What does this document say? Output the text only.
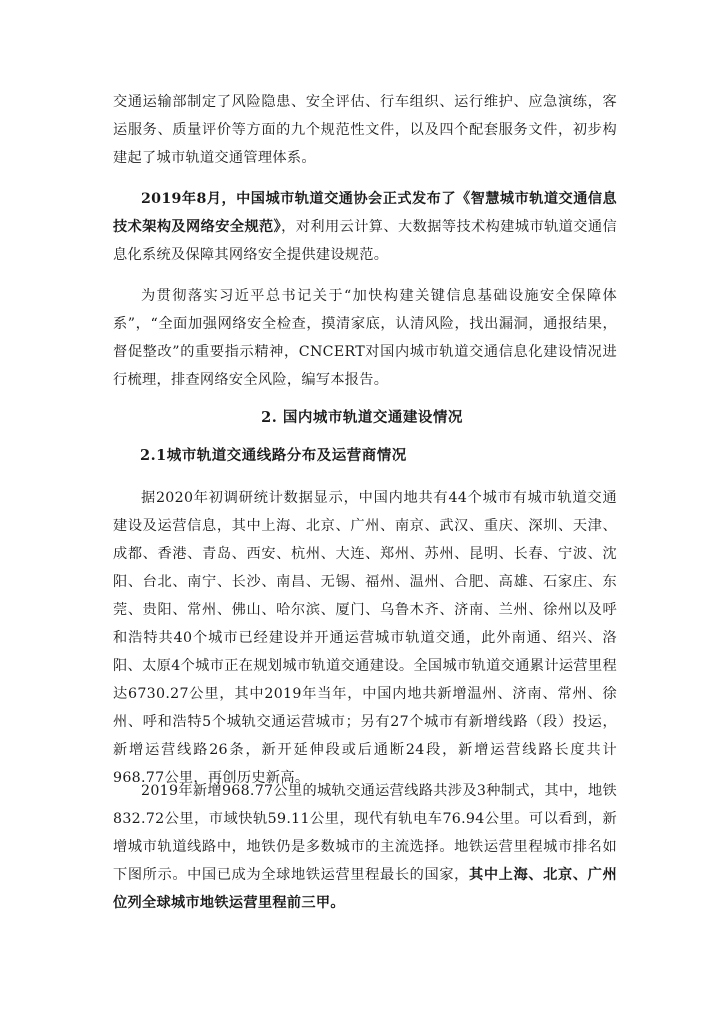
交通运输部制定了风险隐患、安全评估、行车组织、运行维护、应急演练，客运服务、质量评价等方面的九个规范性文件，以及四个配套服务文件，初步构建起了城市轨道交通管理体系。

2019年8月，中国城市轨道交通协会正式发布了《智慧城市轨道交通信息技术架构及网络安全规范》，对利用云计算、大数据等技术构建城市轨道交通信息化系统及保障其网络安全提供建设规范。

为贯彻落实习近平总书记关于“加快构建关键信息基础设施安全保障体系”，“全面加强网络安全检查，摸清家底，认清风险，找出漏洞，通报结果，督促整改”的重要指示精神，CNCERT对国内城市轨道交通信息化建设情况进行梳理，排查网络安全风险，编写本报告。

2. 国内城市轨道交通建设情况
2.1城市轨道交通线路分布及运营商情况

据2020年初调研统计数据显示，中国内地共有44个城市有城市轨道交通建设及运营信息，其中上海、北京、广州、南京、武汉、重庆、深圳、天津、成都、香港、青岛、西安、杭州、大连、郑州、苏州、昆明、长春、宁波、沈阳、台北、南宁、长沙、南昌、无锡、福州、温州、合肥、高雄、石家庄、东莞、贵阳、常州、佛山、哈尔滨、厦门、乌鲁木齐、济南、兰州、徐州以及呼和浩特共40个城市已经建设并开通运营城市轨道交通，此外南通、绍兴、洛阳、太原4个城市正在规划城市轨道交通建设。全国城市轨道交通累计运营里程达6730.27公里，其中2019年当年，中国内地共新增温州、济南、常州、徐州、呼和浩特5个城轨交通运营城市；另有27个城市有新增线路（段）投运，新增运营线路26条，新开延伸段或后通断24段，新增运营线路长度共计968.77公里，再创历史新高。

2019年新增968.77公里的城轨交通运营线路共涉及3种制式，其中，地铁832.72公里，市域快轨59.11公里，现代有轨电车76.94公里。可以看到，新增城市轨道线路中，地铁仍是多数城市的主流选择。地铁运营里程城市排名如下图所示。中国已成为全球地铁运营里程最长的国家，其中上海、北京、广州位列全球城市地铁运营里程前三甲。
